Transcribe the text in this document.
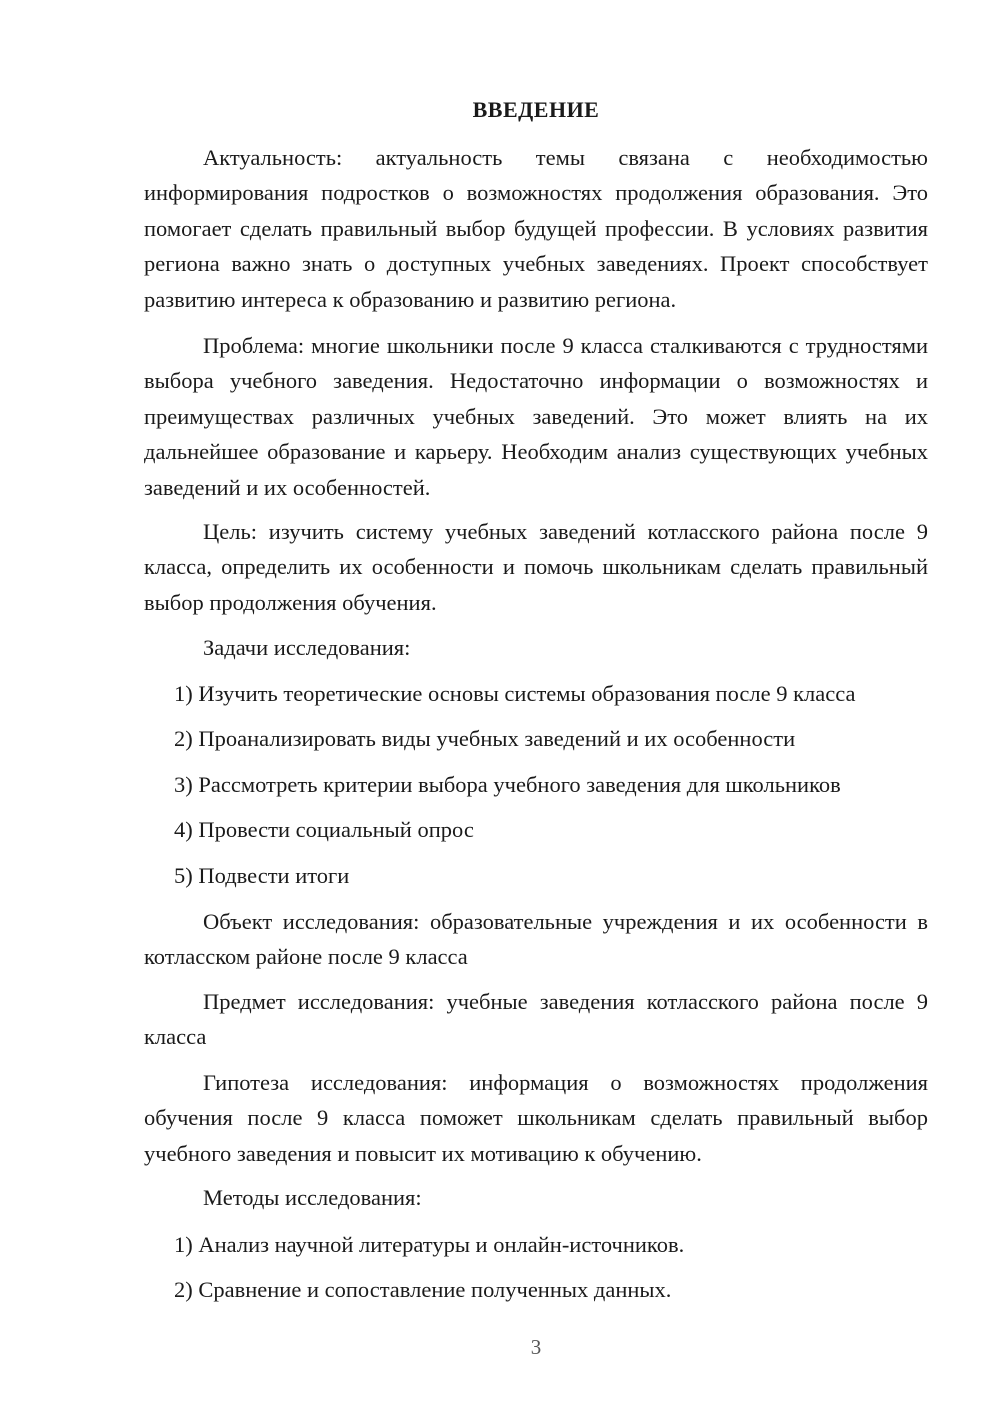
ВВЕДЕНИЕ

Актуальность: актуальность темы связана с необходимостью информирования подростков о возможностях продолжения образования. Это помогает сделать правильный выбор будущей профессии. В условиях развития региона важно знать о доступных учебных заведениях. Проект способствует развитию интереса к образованию и развитию региона.

Проблема: многие школьники после 9 класса сталкиваются с трудностями выбора учебного заведения. Недостаточно информации о возможностях и преимуществах различных учебных заведений. Это может влиять на их дальнейшее образование и карьеру. Необходим анализ существующих учебных заведений и их особенностей.

Цель: изучить систему учебных заведений котласского района после 9 класса, определить их особенности и помочь школьникам сделать правильный выбор продолжения обучения.

Задачи исследования:

1) Изучить теоретические основы системы образования после 9 класса
2) Проанализировать виды учебных заведений и их особенности
3) Рассмотреть критерии выбора учебного заведения для школьников
4) Провести социальный опрос
5) Подвести итоги

Объект исследования: образовательные учреждения и их особенности в котласском районе после 9 класса

Предмет исследования: учебные заведения котласского района после 9 класса

Гипотеза исследования: информация о возможностях продолжения обучения после 9 класса поможет школьникам сделать правильный выбор учебного заведения и повысит их мотивацию к обучению.

Методы исследования:

1) Анализ научной литературы и онлайн-источников.
2) Сравнение и сопоставление полученных данных.
3
